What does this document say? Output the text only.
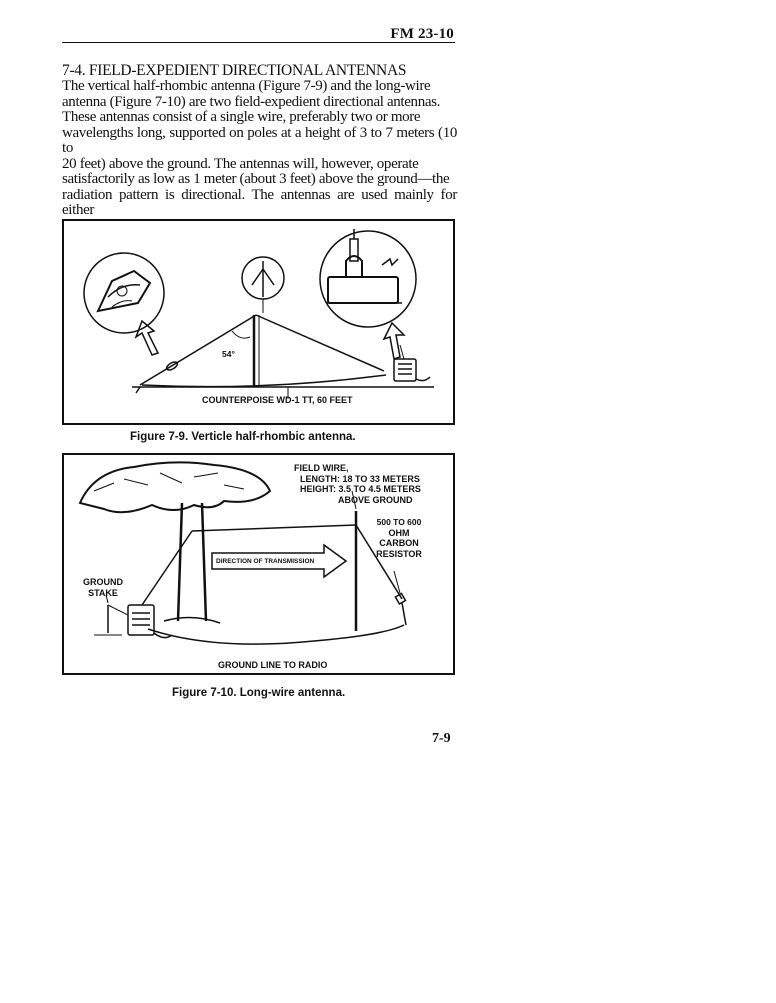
FM 23-10
7-4. FIELD-EXPEDIENT DIRECTIONAL ANTENNAS

The vertical half-rhombic antenna (Figure 7-9) and the long-wire
antenna (Figure 7-10) are two field-expedient directional antennas.
These antennas consist of a single wire, preferably two or more
wavelengths long, supported on poles at a height of 3 to 7 meters (10 to
20 feet) above the ground. The antennas will, however, operate
satisfactorily as low as 1 meter (about 3 feet) above the ground—the
radiation pattern is directional. The antennas are used mainly for either

54°
COUNTERPOISE WD-1 TT, 60 FEET
Figure 7-9. Verticle half-rhombic antenna.
FIELD WIRE,
LENGTH: 18 TO 33 METERS
HEIGHT: 3.5 TO 4.5 METERS
ABOVE GROUND
500 TO 600
OHM
CARBON
RESISTOR
DIRECTION OF TRANSMISSION
GROUND
STAKE
GROUND LINE TO RADIO
Figure 7-10. Long-wire antenna.
7-9
